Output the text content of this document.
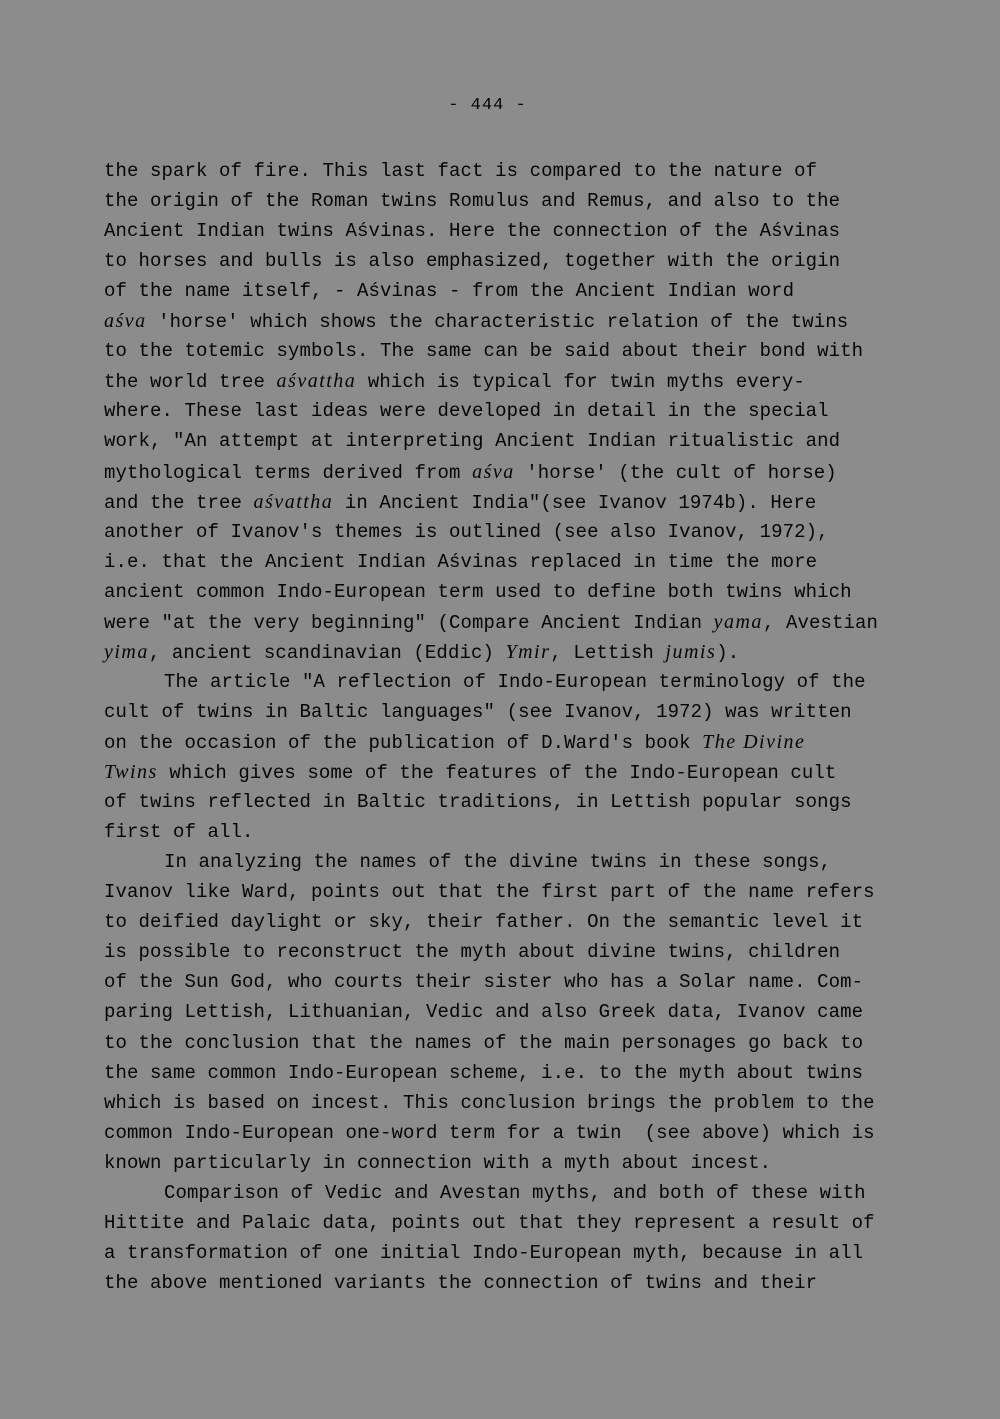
- 444 -
the spark of fire. This last fact is compared to the nature of
the origin of the Roman twins Romulus and Remus, and also to the
Ancient Indian twins Aśvinas. Here the connection of the Aśvinas
to horses and bulls is also emphasized, together with the origin
of the name itself, - Aśvinas - from the Ancient Indian word
aśva 'horse' which shows the characteristic relation of the twins
to the totemic symbols. The same can be said about their bond with
the world tree aśvattha which is typical for twin myths every-
where. These last ideas were developed in detail in the special
work, "An attempt at interpreting Ancient Indian ritualistic and
mythological terms derived from aśva 'horse' (the cult of horse)
and the tree aśvattha in Ancient India"(see Ivanov 1974b). Here
another of Ivanov's themes is outlined (see also Ivanov, 1972),
i.e. that the Ancient Indian Aśvinas replaced in time the more
ancient common Indo-European term used to define both twins which
were "at the very beginning" (Compare Ancient Indian yama, Avestian
yima, ancient scandinavian (Eddic) Ymir, Lettish jumis).
The article "A reflection of Indo-European terminology of the
cult of twins in Baltic languages" (see Ivanov, 1972) was written
on the occasion of the publication of D.Ward's book The Divine
Twins which gives some of the features of the Indo-European cult
of twins reflected in Baltic traditions, in Lettish popular songs
first of all.
In analyzing the names of the divine twins in these songs,
Ivanov like Ward, points out that the first part of the name refers
to deified daylight or sky, their father. On the semantic level it
is possible to reconstruct the myth about divine twins, children
of the Sun God, who courts their sister who has a Solar name. Com-
paring Lettish, Lithuanian, Vedic and also Greek data, Ivanov came
to the conclusion that the names of the main personages go back to
the same common Indo-European scheme, i.e. to the myth about twins
which is based on incest. This conclusion brings the problem to the
common Indo-European one-word term for a twin  (see above) which is
known particularly in connection with a myth about incest.
Comparison of Vedic and Avestan myths, and both of these with
Hittite and Palaic data, points out that they represent a result of
a transformation of one initial Indo-European myth, because in all
the above mentioned variants the connection of twins and their
